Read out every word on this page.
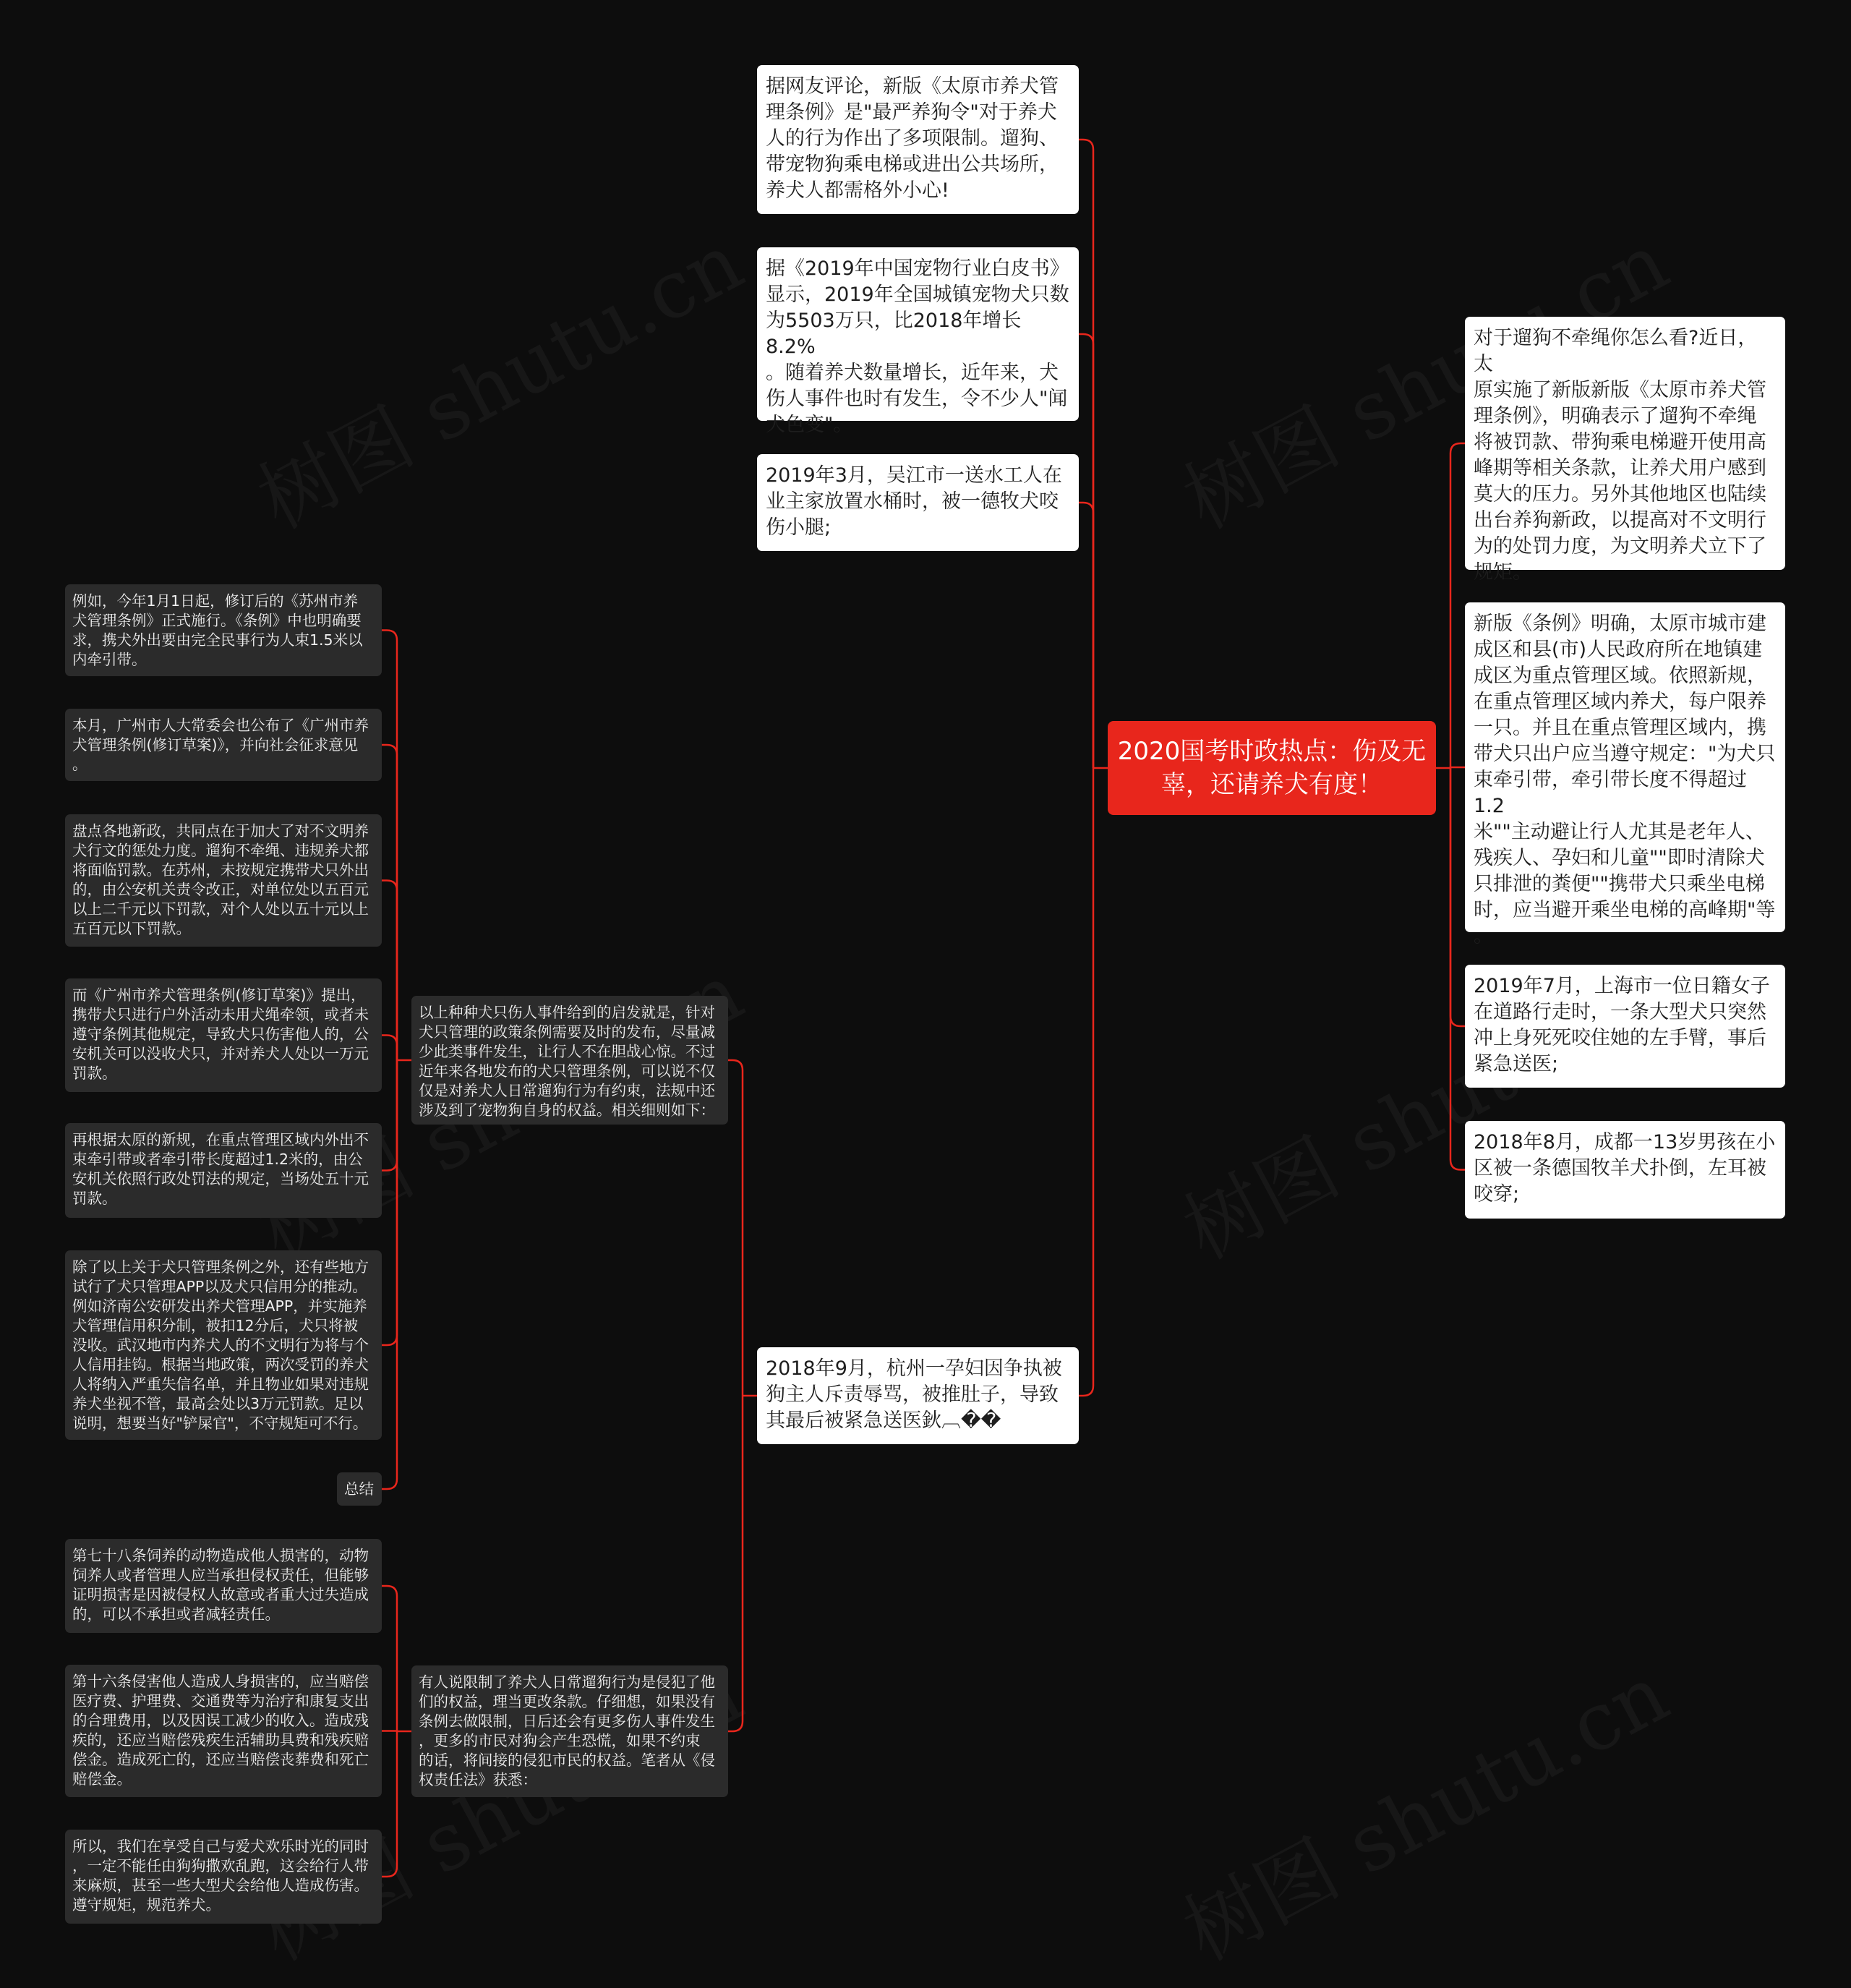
2020国考时政热点：伤及无辜，还请养犬有度！
对于遛狗不牵绳你怎么看?近日，太
原实施了新版新版《太原市养犬管
理条例》，明确表示了遛狗不牵绳
将被罚款、带狗乘电梯避开使用高
峰期等相关条款，让养犬用户感到
莫大的压力。另外其他地区也陆续
出台养狗新政，以提高对不文明行
为的处罚力度，为文明养犬立下了
规矩。
新版《条例》明确，太原市城市建
成区和县(市)人民政府所在地镇建
成区为重点管理区域。依照新规，
在重点管理区域内养犬，每户限养
一只。并且在重点管理区域内，携
带犬只出户应当遵守规定："为犬只
束牵引带，牵引带长度不得超过1.2
米""主动避让行人尤其是老年人、
残疾人、孕妇和儿童""即时清除犬
只排泄的粪便""携带犬只乘坐电梯
时，应当避开乘坐电梯的高峰期"等
。
2019年7月，上海市一位日籍女子
在道路行走时，一条大型犬只突然
冲上身死死咬住她的左手臂，事后
紧急送医;
2018年8月，成都一13岁男孩在小
区被一条德国牧羊犬扑倒，左耳被
咬穿;
据网友评论，新版《太原市养犬管
理条例》是"最严养狗令"对于养犬
人的行为作出了多项限制。遛狗、
带宠物狗乘电梯或进出公共场所，
养犬人都需格外小心!
据《2019年中国宠物行业白皮书》
显示，2019年全国城镇宠物犬只数
为5503万只，比2018年增长8.2%
。随着养犬数量增长，近年来，犬
伤人事件也时有发生，令不少人"闻
犬色变"。
2019年3月，吴江市一送水工人在
业主家放置水桶时，被一德牧犬咬
伤小腿;
2018年9月，杭州一孕妇因争执被
狗主人斥责辱骂，被推肚子，导致
其最后被紧急送医鈥︹��
以上种种犬只伤人事件给到的启发就是，针对
犬只管理的政策条例需要及时的发布，尽量减
少此类事件发生，让行人不在胆战心惊。不过
近年来各地发布的犬只管理条例，可以说不仅
仅是对养犬人日常遛狗行为有约束，法规中还
涉及到了宠物狗自身的权益。相关细则如下：
有人说限制了养犬人日常遛狗行为是侵犯了他
们的权益，理当更改条款。仔细想，如果没有
条例去做限制，日后还会有更多伤人事件发生
，更多的市民对狗会产生恐慌，如果不约束
的话，将间接的侵犯市民的权益。笔者从《侵
权责任法》获悉：
例如，今年1月1日起，修订后的《苏州市养
犬管理条例》正式施行。《条例》中也明确要
求，携犬外出要由完全民事行为人束1.5米以
内牵引带。
本月，广州市人大常委会也公布了《广州市养
犬管理条例(修订草案)》，并向社会征求意见
。
盘点各地新政，共同点在于加大了对不文明养
犬行文的惩处力度。遛狗不牵绳、违规养犬都
将面临罚款。在苏州，未按规定携带犬只外出
的，由公安机关责令改正，对单位处以五百元
以上二千元以下罚款，对个人处以五十元以上
五百元以下罚款。
而《广州市养犬管理条例(修订草案)》提出，
携带犬只进行户外活动未用犬绳牵领，或者未
遵守条例其他规定，导致犬只伤害他人的，公
安机关可以没收犬只，并对养犬人处以一万元
罚款。
再根据太原的新规，在重点管理区域内外出不
束牵引带或者牵引带长度超过1.2米的，由公
安机关依照行政处罚法的规定，当场处五十元
罚款。
除了以上关于犬只管理条例之外，还有些地方
试行了犬只管理APP以及犬只信用分的推动。
例如济南公安研发出养犬管理APP，并实施养
犬管理信用积分制，被扣12分后，犬只将被
没收。武汉地市内养犬人的不文明行为将与个
人信用挂钩。根据当地政策，两次受罚的养犬
人将纳入严重失信名单，并且物业如果对违规
养犬坐视不管，最高会处以3万元罚款。足以
说明，想要当好"铲屎官"，不守规矩可不行。
总结
第七十八条饲养的动物造成他人损害的，动物
饲养人或者管理人应当承担侵权责任，但能够
证明损害是因被侵权人故意或者重大过失造成
的，可以不承担或者减轻责任。
第十六条侵害他人造成人身损害的，应当赔偿
医疗费、护理费、交通费等为治疗和康复支出
的合理费用，以及因误工减少的收入。造成残
疾的，还应当赔偿残疾生活辅助具费和残疾赔
偿金。造成死亡的，还应当赔偿丧葬费和死亡
赔偿金。
所以，我们在享受自己与爱犬欢乐时光的同时
，一定不能任由狗狗撒欢乱跑，这会给行人带
来麻烦，甚至一些大型犬会给他人造成伤害。
遵守规矩，规范养犬。
